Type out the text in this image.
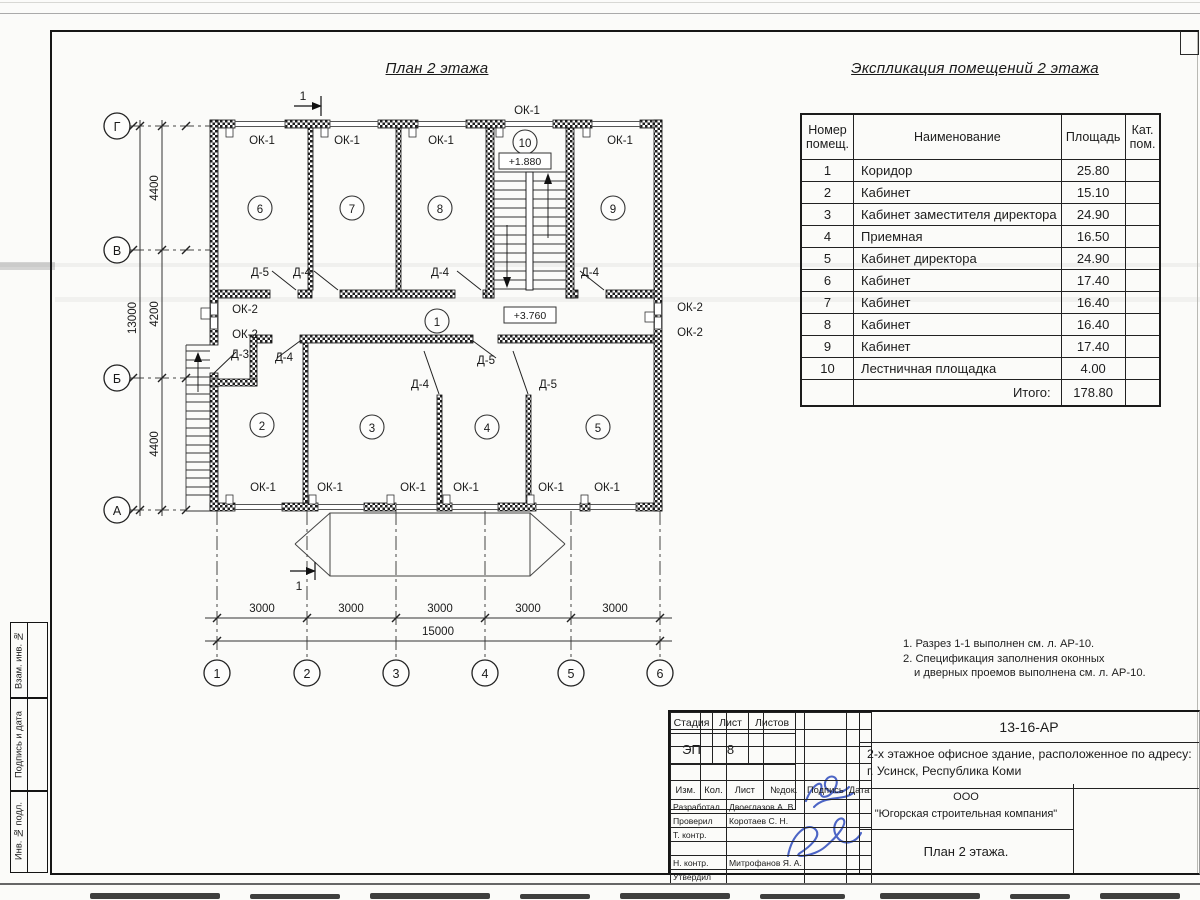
План 2 этажа	Экспликация помещений 2 этажа
Г
В
Б
А
1	2	3	4	5	6
4400
4200
4400
13000
3000	3000	3000	3000	3000
15000
1
1
1
2	3	4	5
6	7	8	9
10
+1.880
+3.760
ОК-1	ОК-1	ОК-1	ОК-1
ОК-1
ОК-1	ОК-1	ОК-1 ОК-1	ОК-1	ОК-1
ОК-2
ОК-2
ОК-2
ОК-2
Д-5 Д-4	Д-4	Д-4
Д-3 Д-4
Д-4
Д-5
Д-5
Номер помещ.	Наименование	Площадь	Кат. пом.
1	Коридор	25.80	
2	Кабинет	15.10	
3	Кабинет заместителя директора	24.90	
4	Приемная	16.50	
5	Кабинет директора	24.90	
6	Кабинет	17.40	
7	Кабинет	16.40	
8	Кабинет	16.40	
9	Кабинет	17.40	
10	Лестничная площадка	4.00	
	Итого:	178.80	
1. Разрез 1-1 выполнен см. л. АР-10.
2. Спецификация заполнения оконных
и дверных проемов выполнена см. л. АР-10.

Изм.	Кол.	Лист	№док.	Подпись	Дата
Разработал		Двоеглазов А. В.			
Проверил		Коротаев С. Н.			
Т. контр.					

Н. контр.		Митрофанов Я. А.			
Утвердил					
13-16-АР
2-х этажное офисное здание, расположенное по адресу:
г. Усинск, Республика Коми
ООО
"Югорская строительная компания"
План 2 этажа.
Стадия	Лист	Листов
ЭП	8	

Взам. инв. №
Подпись и дата
Инв. № подл.
